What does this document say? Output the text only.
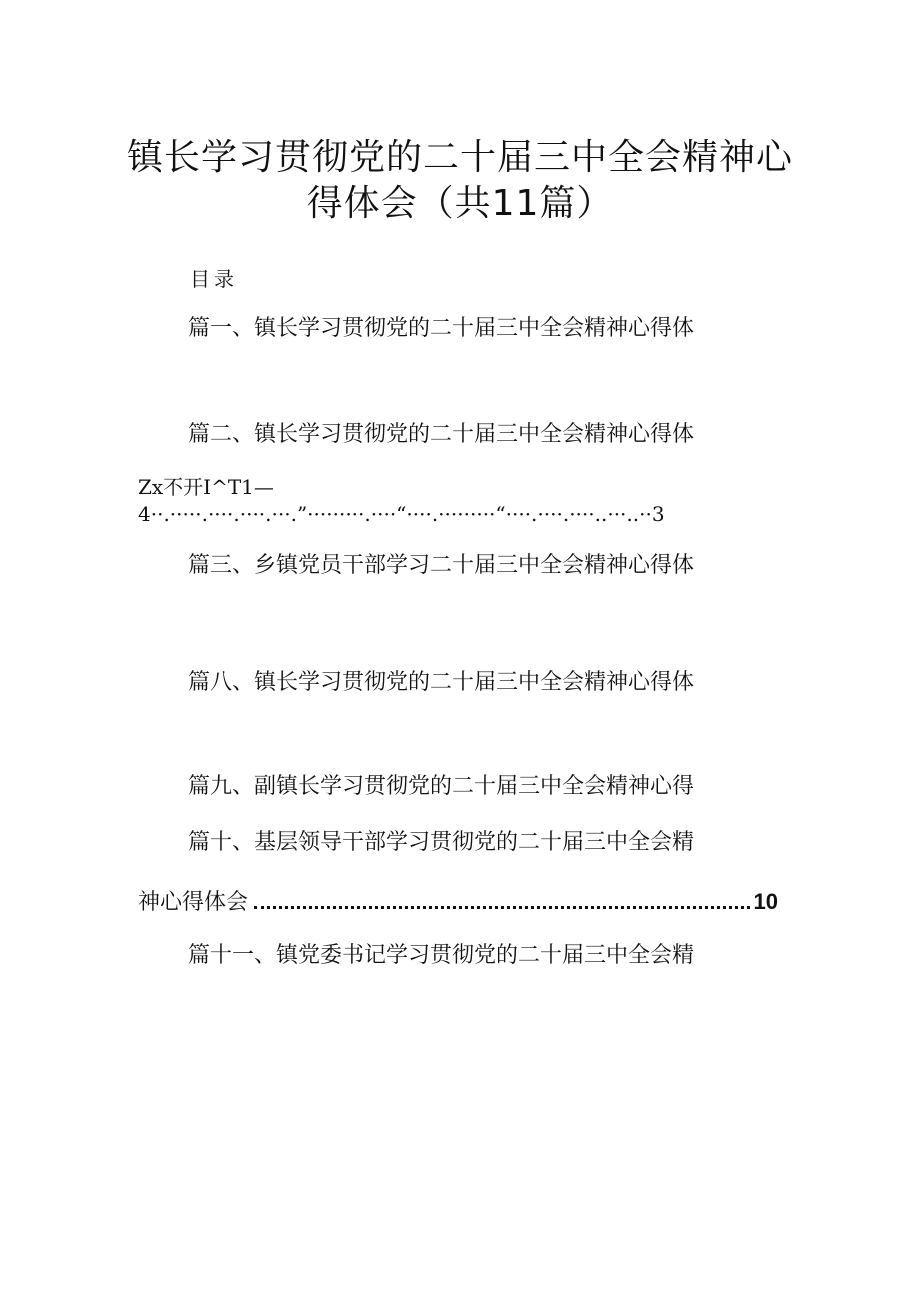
镇长学习贯彻党的二十届三中全会精神心
得体会（共11篇）
目录
篇一、镇长学习贯彻党的二十届三中全会精神心得体
篇二、镇长学习贯彻党的二十届三中全会精神心得体
Zx不开I^T1—
4··.·····.····.····.···.”·········.····“····.·········“····.····.····..···..··3
篇三、乡镇党员干部学习二十届三中全会精神心得体
篇八、镇长学习贯彻党的二十届三中全会精神心得体
篇九、副镇长学习贯彻党的二十届三中全会精神心得
篇十、基层领导干部学习贯彻党的二十届三中全会精
神心得体会	10
篇十一、镇党委书记学习贯彻党的二十届三中全会精
